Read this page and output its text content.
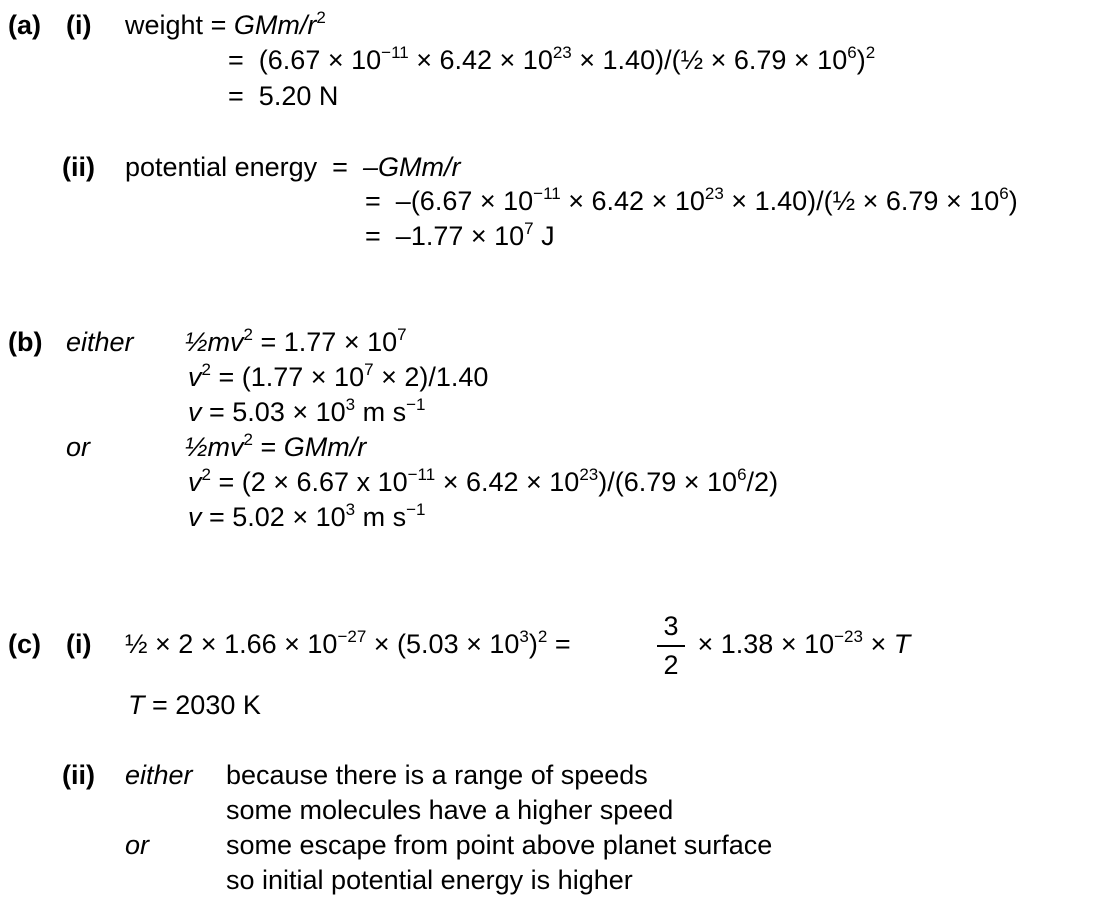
(a) (i) weight = GMm/$r^2$
= ($6.67 \times 10^{-11} \times 6.42 \times 10^{23}$ × 1.40)/(½ × $6.79 \times 10^6)^2$
= 5.20 N
(ii) potential energy = –GMm/r
= $-(6.67 \times 10^{-11} \times 6.42 \times 10^{23}$ × 1.40)/(½ × $6.79 \times 10^6$)
= $-1.77 \times 10^7$ J
(b) either $\frac{1}{2}mv^2 = 1.77 \times 10^7$
$v^2 = (1.77 \times 10^7 \times 2)/1.40$
$v = 5.03 \times 10^3$ m $s^{-1}$
or	$\frac{1}{2}mv^2 = GMm/r$
$v^2 = (2 \times 6.67$ x $10^{-11} \times 6.42 \times 10^{23})/(6.79 \times 10^6/2)$
$v = 5.02 \times 10^3$ m $s^{-1}$
(c) (i) ½ × $2 \times 1.66 \times 10^{-27} \times (5.03 \times 10^3)^2$ =
3
2
× $1.38 \times 10^{-23} \times T$
T = 2030 K
(ii) either because there is a range of speeds
some molecules have a higher speed
or	some escape from point above planet surface
so initial potential energy is higher
